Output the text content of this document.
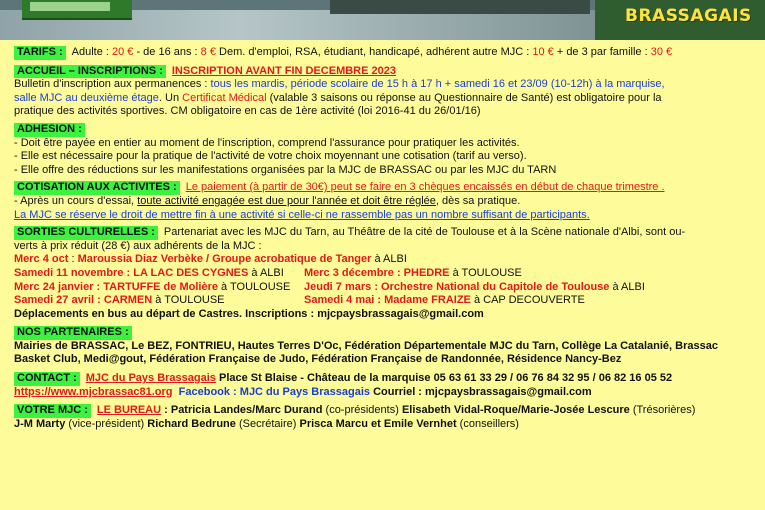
BRASSAGAIS
TARIFS : Adulte : 20 € - de 16 ans : 8 € Dem. d'emploi, RSA, étudiant, handicapé, adhérent autre MJC : 10 € + de 3 par famille : 30 €
ACCUEIL – INSCRIPTIONS : INSCRIPTION AVANT FIN DECEMBRE 2023
Bulletin d'inscription aux permanences : tous les mardis, période scolaire de 15 h à 17 h + samedi 16 et 23/09 (10-12h) à la marquise,
salle MJC au deuxième étage. Un Certificat Médical (valable 3 saisons ou réponse au Questionnaire de Santé) est obligatoire pour la
pratique des activités sportives. CM obligatoire en cas de 1ère activité (loi 2016-41 du 26/01/16)
ADHESION :
- Doit être payée en entier au moment de l'inscription, comprend l'assurance pour pratiquer les activités.
- Elle est nécessaire pour la pratique de l'activité de votre choix moyennant une cotisation (tarif au verso).
- Elle offre des réductions sur les manifestations organisées par la MJC de BRASSAC ou par les MJC du TARN
COTISATION AUX ACTIVITES : Le paiement (à partir de 30€) peut se faire en 3 chèques encaissés en début de chaque trimestre .
- Après un cours d'essai, toute activité engagée est due pour l'année et doit être réglée, dès sa pratique.
La MJC se réserve le droit de mettre fin à une activité si celle-ci ne rassemble pas un nombre suffisant de participants.
SORTIES CULTURELLES : Partenariat avec les MJC du Tarn, au Théâtre de la cité de Toulouse et à la Scène nationale d'Albi, sont ou-
verts à prix réduit (28 €) aux adhérents de la MJC :
Merc 4 oct : Maroussia Diaz Verbèke / Groupe acrobatique de Tanger à ALBI
Samedi 11 novembre : LA LAC DES CYGNES à ALBI Merc 3 décembre : PHEDRE à TOULOUSE
Merc 24 janvier : TARTUFFE de Molière à TOULOUSE Jeudi 7 mars : Orchestre National du Capitole de Toulouse à ALBI
Samedi 27 avril : CARMEN à TOULOUSE	Samedi 4 mai : Madame FRAIZE à CAP DECOUVERTE
Déplacements en bus au départ de Castres. Inscriptions : mjcpaysbrassagais@gmail.com
NOS PARTENAIRES :
Mairies de BRASSAC, Le BEZ, FONTRIEU, Hautes Terres D'Oc, Fédération Départementale MJC du Tarn, Collège La Catalanié, Brassac
Basket Club, Medi@gout, Fédération Française de Judo, Fédération Française de Randonnée, Résidence Nancy-Bez
CONTACT : MJC du Pays Brassagais Place St Blaise - Château de la marquise 05 63 61 33 29 / 06 76 84 32 95 / 06 82 16 05 52
https://www.mjcbrassac81.org Facebook : MJC du Pays Brassagais Courriel : mjcpaysbrassagais@gmail.com
VOTRE MJC : LE BUREAU : Patricia Landes/Marc Durand (co-présidents) Elisabeth Vidal-Roque/Marie-Josée Lescure (Trésorières)
J-M Marty (vice-président) Richard Bedrune (Secrétaire) Prisca Marcu et Emile Vernhet (conseillers)
